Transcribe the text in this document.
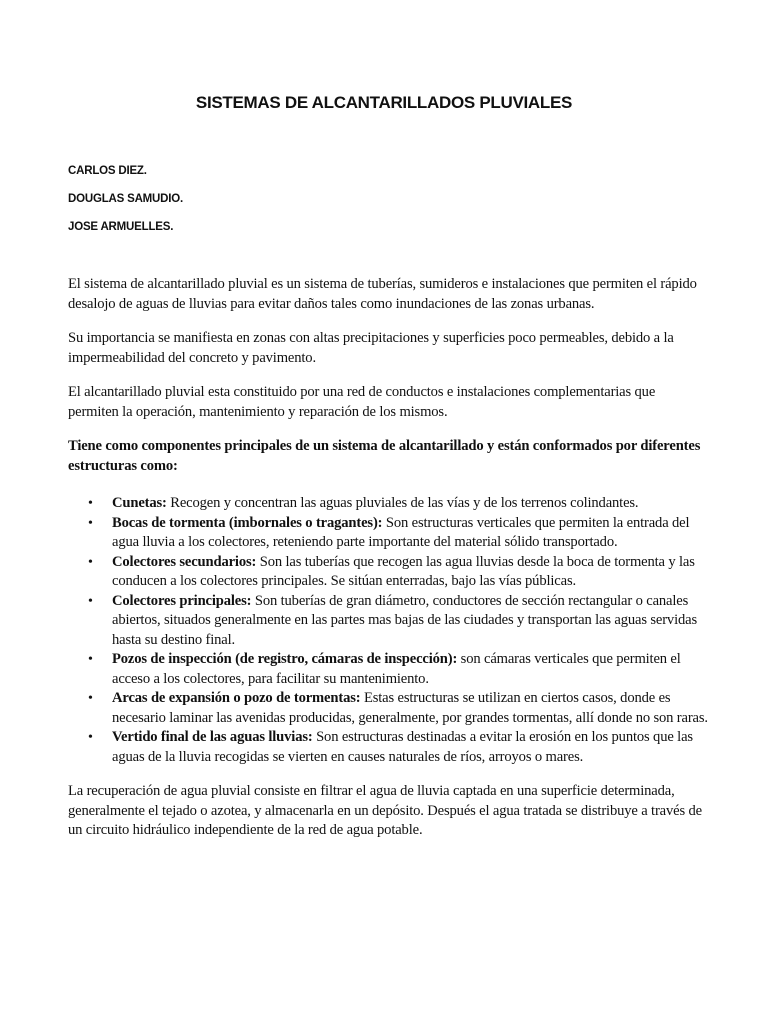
SISTEMAS DE ALCANTARILLADOS PLUVIALES
CARLOS DIEZ.
DOUGLAS SAMUDIO.
JOSE ARMUELLES.

El sistema de alcantarillado pluvial es un sistema de tuberías, sumideros e instalaciones que permiten el rápido desalojo de aguas de lluvias para evitar daños tales como inundaciones de las zonas urbanas.

Su importancia se manifiesta en zonas con altas precipitaciones y superficies poco permeables, debido a la impermeabilidad del concreto y pavimento.

El alcantarillado pluvial esta constituido por una red de conductos e instalaciones complementarias que permiten la operación, mantenimiento y reparación de los mismos.

Tiene como componentes principales de un sistema de alcantarillado y están conformados por diferentes estructuras como:

• Cunetas: Recogen y concentran las aguas pluviales de las vías y de los terrenos colindantes.
• Bocas de tormenta (imbornales o tragantes): Son estructuras verticales que permiten la entrada del agua lluvia a los colectores, reteniendo parte importante del material sólido transportado.
• Colectores secundarios: Son las tuberías que recogen las agua lluvias desde la boca de tormenta y las conducen a los colectores principales. Se sitúan enterradas, bajo las vías públicas.
• Colectores principales: Son tuberías de gran diámetro, conductores de sección rectangular o canales abiertos, situados generalmente en las partes mas bajas de las ciudades y transportan las aguas servidas hasta su destino final.
• Pozos de inspección (de registro, cámaras de inspección): son cámaras verticales que permiten el acceso a los colectores, para facilitar su mantenimiento.
• Arcas de expansión o pozo de tormentas: Estas estructuras se utilizan en ciertos casos, donde es necesario laminar las avenidas producidas, generalmente, por grandes tormentas, allí donde no son raras.
• Vertido final de las aguas lluvias: Son estructuras destinadas a evitar la erosión en los puntos que las aguas de la lluvia recogidas se vierten en causes naturales de ríos, arroyos o mares.

La recuperación de agua pluvial consiste en filtrar el agua de lluvia captada en una superficie determinada, generalmente el tejado o azotea, y almacenarla en un depósito. Después el agua tratada se distribuye a través de un circuito hidráulico independiente de la red de agua potable.
